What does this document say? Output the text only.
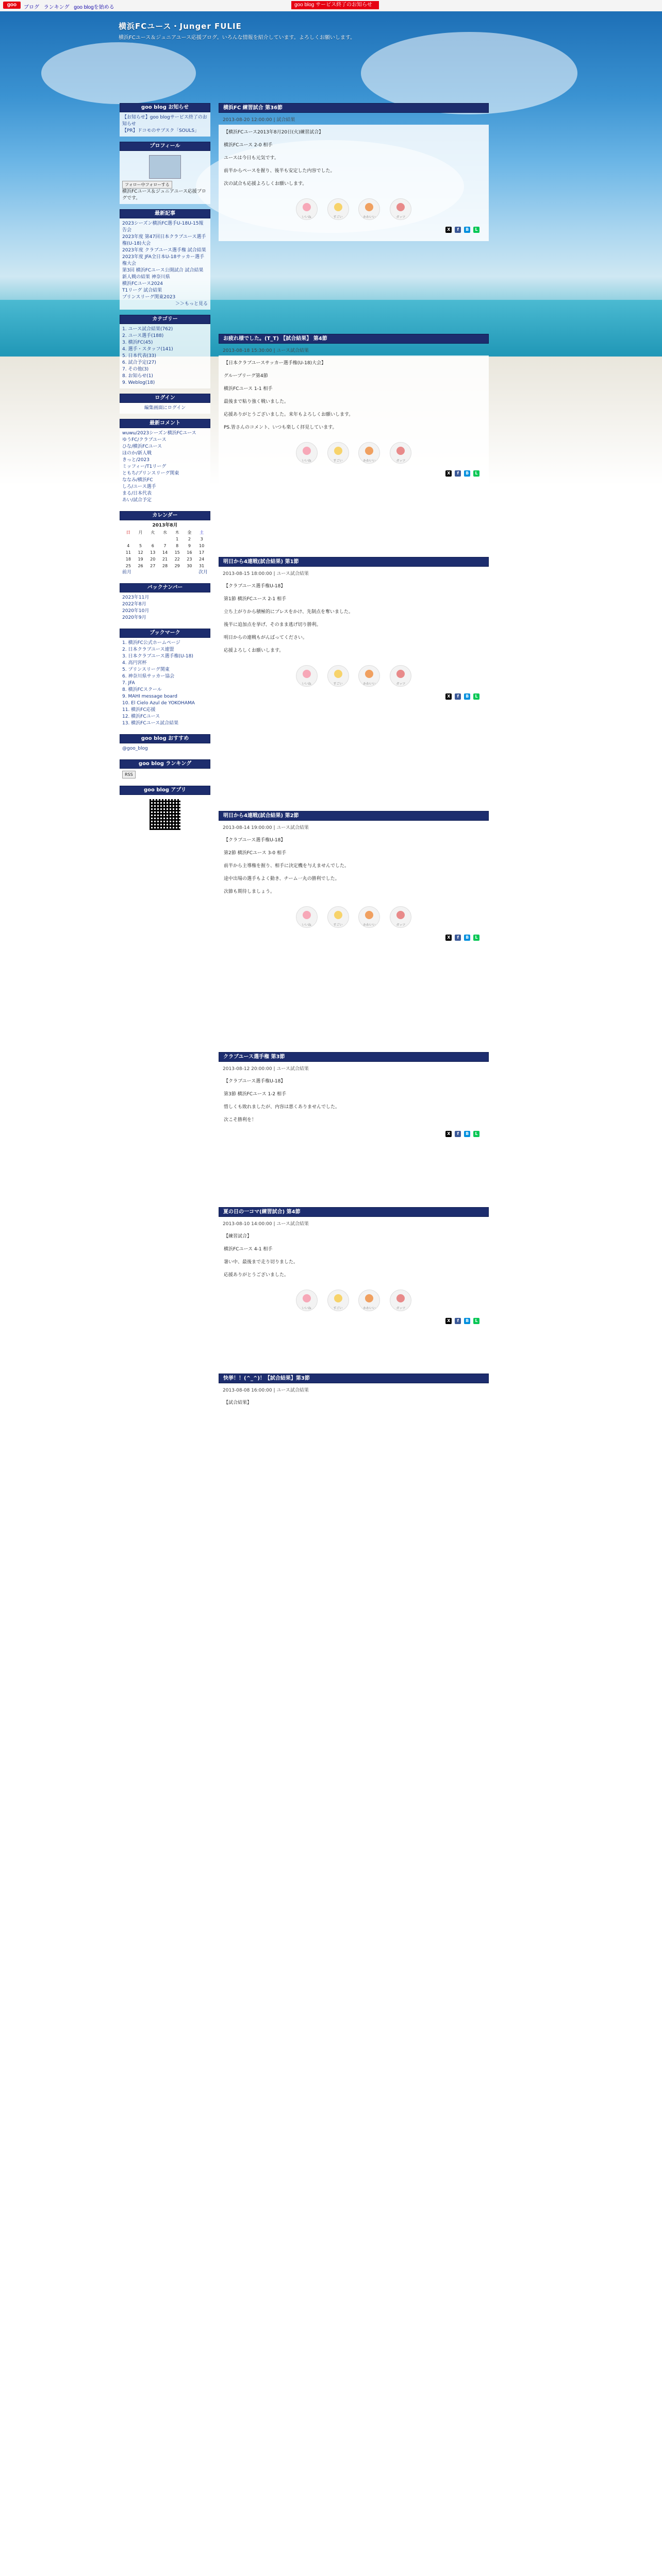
goo	ブログ ランキング goo blogを始める	goo blog サービス終了のお知らせ
横浜FCユース・Junger FULIE
横浜FCユース＆ジュニアユース応援ブログ。いろんな情報を紹介しています。よろしくお願いします。
goo blog お知らせ
【お知らせ】goo blogサービス終了のお知らせ
【PR】ドコモのサブスク「SOULS」
プロフィール
フォロー中フォローする
横浜FCユース＆ジュニアユース応援ブログです。
最新記事
2023シーズン横浜FC選手U-18U-15報告会
2023年度 第47回日本クラブユース選手権(U-18)大会
2023年度 クラブユース選手権 試合結果
2023年度 JFA全日本U-18サッカー選手権大会
第3回 横浜FCユース公開試合 試合結果
新人戦の結果 神奈川県
横浜FCユース2024
T1リーグ 試合結果
プリンスリーグ関東2023
＞＞もっと見る
カテゴリー
1. ユース試合結果(762)
2. ユース選手(188)
3. 横浜FC(45)
4. 選手・スタッフ(141)
5. 日本代表(33)
6. 試合予定(27)
7. その他(3)
8. お知らせ(1)
9. Weblog(18)
ログイン
編集画面にログイン
最新コメント
wuwu/2023シーズン横浜FCユース
ゆうFC/クラブユース
ひな/横浜FCユース
ほのか/新人戦
きっと/2023
ミッフィー/T1リーグ
ともち/プリンスリーグ関東
ななみ/横浜FC
しろ/ユース選手
まる/日本代表
あい/試合予定
カレンダー
2013年8月
日	月	火	水	木	金	土
				1	2	3
4	5	6	7	8	9	10
11	12	13	14	15	16	17
18	19	20	21	22	23	24
25	26	27	28	29	30	31
前月	次月
バックナンバー
2023年11月
2022年8月
2020年10月
2020年9月
ブックマーク
1. 横浜FC公式ホームページ
2. 日本クラブユース連盟
3. 日本クラブユース選手権(U-18)
4. 高円宮杯
5. プリンスリーグ関東
6. 神奈川県サッカー協会
7. JFA
8. 横浜FCスクール
9. MAHI message board
10. El Cielo Azul de YOKOHAMA
11. 横浜FC応援
12. 横浜FCユース
13. 横浜FCユース試合結果
goo blog おすすめ
@goo_blog
goo blog ランキング
RSS
goo blog アプリ
横浜FC 練習試合 第36節
2013-08-20 12:00:00 | 試合結果

【横浜FCユース2013年8月20日(火)練習試合】

横浜FCユース 2-0 相手

ユースは今日も元気です。

前半からペースを握り、後半も安定した内容でした。

次の試合も応援よろしくお願いします。

いいね
	すごい
	かわいい
	ガッツ
X f B L
お疲れ様でした。(T_T) 【試合結果】 第4節
2013-08-18 15:30:00 | ユース試合結果

【日本クラブユースサッカー選手権(U-18)大会】

グループリーグ第4節

横浜FCユース 1-1 相手

最後まで粘り強く戦いました。

応援ありがとうございました。来年もよろしくお願いします。

PS.皆さんのコメント、いつも楽しく拝見しています。

いいね
	すごい
	かわいい
	ガッツ
X f B L
明日から4連戦(試合結果) 第1節
2013-08-15 18:00:00 | ユース試合結果

【クラブユース選手権U-18】

第1節 横浜FCユース 2-1 相手

立ち上がりから積極的にプレスをかけ、先制点を奪いました。

後半に追加点を挙げ、そのまま逃げ切り勝利。

明日からの連戦もがんばってください。

応援よろしくお願いします。

いいね
	すごい
	かわいい
	ガッツ
X f B L
明日から4連戦(試合結果) 第2節
2013-08-14 19:00:00 | ユース試合結果

【クラブユース選手権U-18】

第2節 横浜FCユース 3-0 相手

前半から主導権を握り、相手に決定機を与えませんでした。

途中出場の選手もよく動き、チーム一丸の勝利でした。

次節も期待しましょう。

いいね
	すごい
	かわいい
	ガッツ
X f B L
クラブユース選手権 第3節
2013-08-12 20:00:00 | ユース試合結果

【クラブユース選手権U-18】

第3節 横浜FCユース 1-2 相手

惜しくも敗れましたが、内容は悪くありませんでした。

次こそ勝利を！

X f B L
夏の日の一コマ(練習試合) 第4節
2013-08-10 14:00:00 | ユース試合結果

【練習試合】

横浜FCユース 4-1 相手

暑い中、最後まで走り切りました。

応援ありがとうございました。

いいね
	すごい
	かわいい
	ガッツ
X f B L
快挙！！(^_^)！【試合結果】第3節
2013-08-08 16:00:00 | ユース試合結果

【試合結果】
